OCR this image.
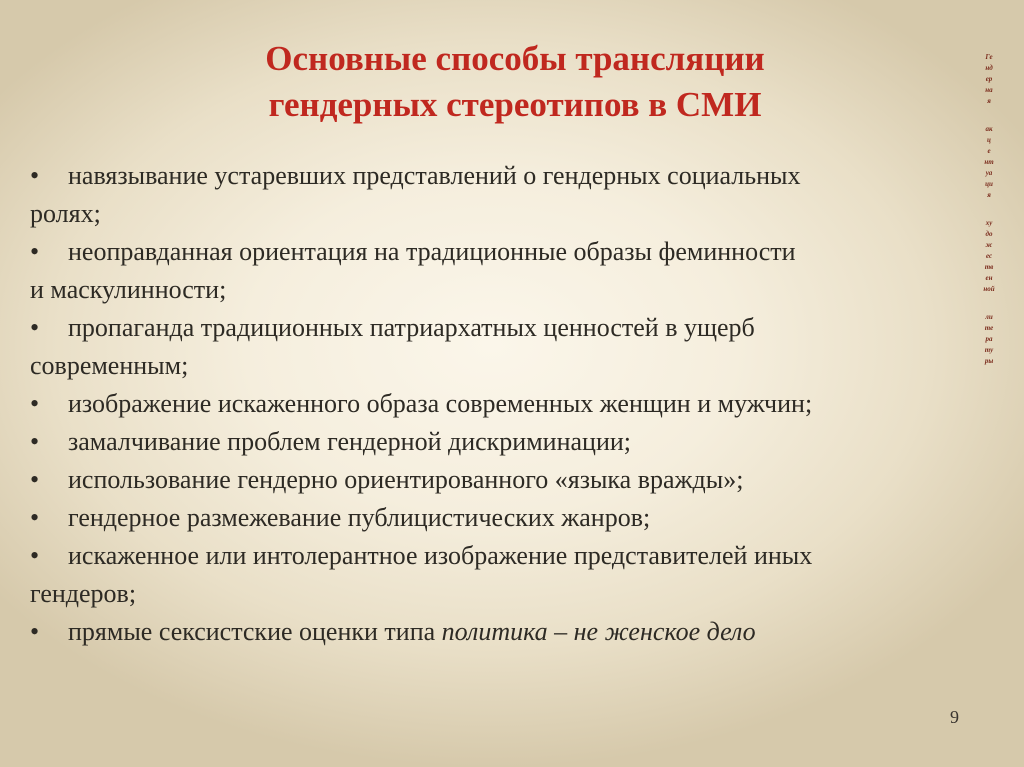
Основные способы трансляции
гендерных стереотипов в СМИ
• навязывание устаревших представлений о гендерных социальных
ролях;
• неоправданная ориентация на традиционные образы феминности
и маскулинности;
• пропаганда традиционных патриархатных ценностей в ущерб
современным;
• изображение искаженного образа современных женщин и мужчин;
• замалчивание проблем гендерной дискриминации;
• использование гендерно ориентированного «языка вражды»;
• гендерное размежевание публицистических жанров;
• искаженное или интолерантное изображение представителей иных
гендеров;
• прямые сексистские оценки типа политика – не женское дело
Ге
нд
ер
на
я
ак
ц
е
нт
уа
ци
я
ху
до
ж
ес
тв
ен
ной
ли
те
ра
ту
ры
9
